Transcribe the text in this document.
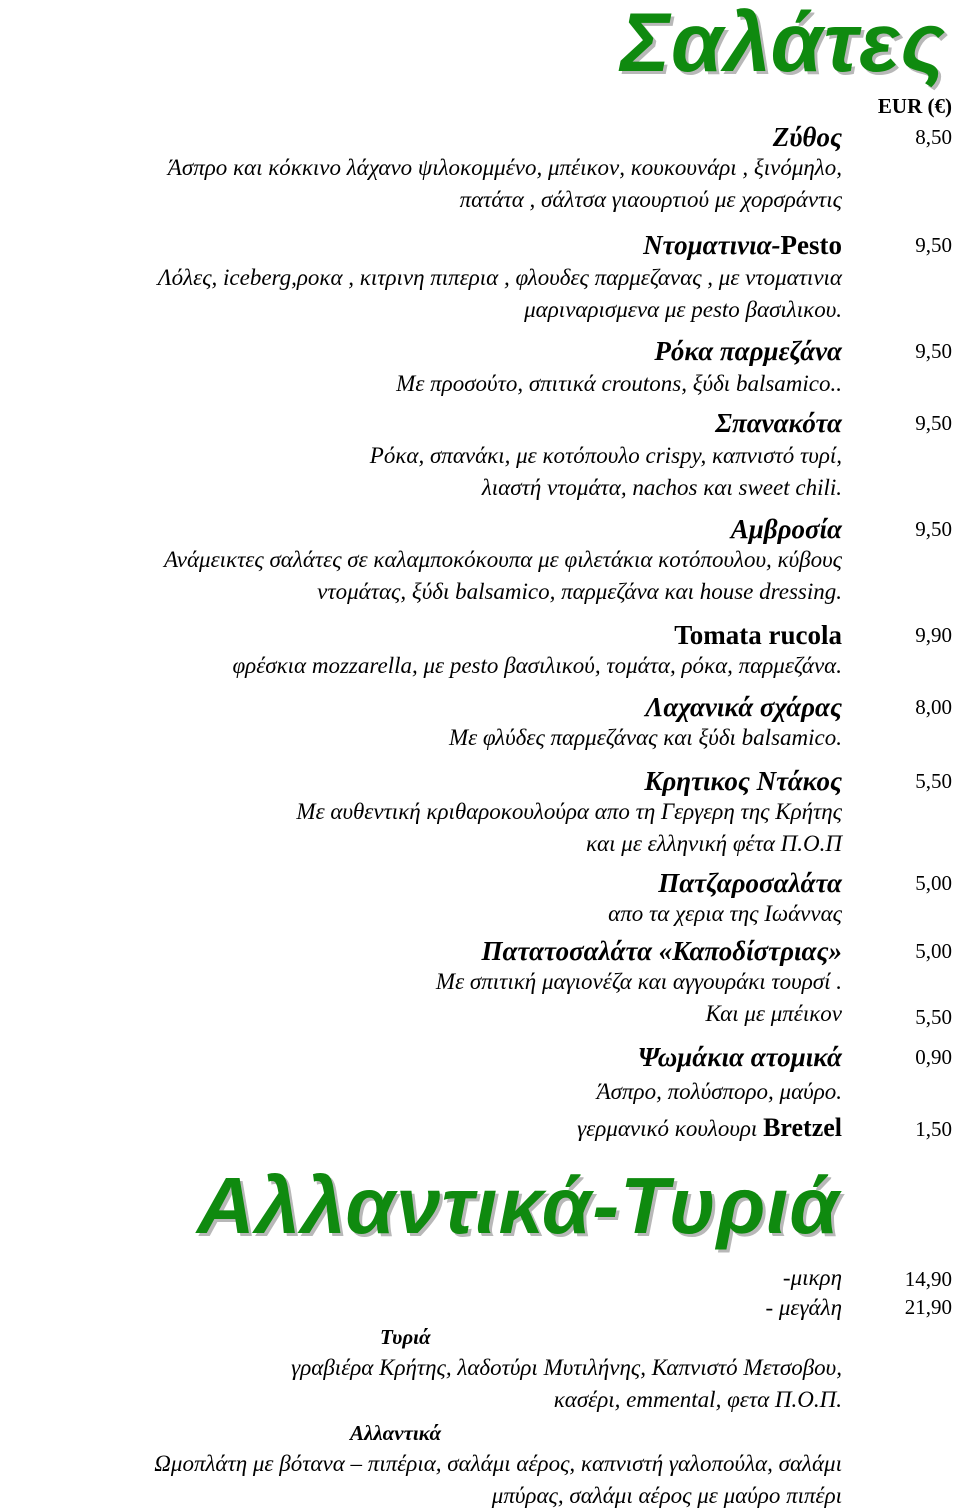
Σαλάτες
EUR (€)
Ζύθος	8,50
Άσπρο και κόκκινο λάχανο ψιλοκομμένο, μπέικον, κουκουνάρι , ξινόμηλο,
πατάτα , σάλτσα γιαουρτιού με χορσράντις
Ντοματινια-Pesto	9,50
Λόλες, iceberg,ροκα , κιτρινη πιπερια , φλουδες παρμεζανας , με ντοματινια
μαριναρισμενα με pesto βασιλικου.
Ρόκα παρμεζάνα	9,50
Με προσούτο, σπιτικά croutons, ξύδι balsamico..
Σπανακότα	9,50
Ρόκα, σπανάκι, με κοτόπουλο crispy, καπνιστό τυρί,
λιαστή ντομάτα, nachos και sweet chili.
Αμβροσία	9,50
Ανάμεικτες σαλάτες σε καλαμποκόκουπα με φιλετάκια κοτόπουλου, κύβους
ντομάτας, ξύδι balsamico, παρμεζάνα και house dressing.
Tomata rucola	9,90
φρέσκια mozzarella, με pesto βασιλικού, τομάτα, ρόκα, παρμεζάνα.
Λαχανικά σχάρας	8,00
Με φλύδες παρμεζάνας και ξύδι balsamico.
Κρητικος Ντάκος	5,50
Με αυθεντική κριθαροκουλούρα απο τη Γεργερη της Κρήτης
και με ελληνική φέτα Π.Ο.Π
Πατζαροσαλάτα	5,00
απο τα χερια της Ιωάννας
Πατατοσαλάτα «Καποδίστριας»	5,00
Με σπιτική μαγιονέζα και αγγουράκι τουρσί .
Και με μπέικον	5,50
Ψωμάκια ατομικά	0,90
Άσπρο, πολύσπορο, μαύρο.
γερμανικό κουλουρι Bretzel	1,50
Αλλαντικά-Τυριά
-μικρη	14,90
- μεγάλη	21,90
Τυριά
γραβιέρα Κρήτης, λαδοτύρι Μυτιλήνης, Καπνιστό Μετσοβου,
κασέρι, emmental, φετα Π.Ο.Π.
Αλλαντικά
Ωμοπλάτη με βότανα – πιπέρια, σαλάμι αέρος, καπνιστή γαλοπούλα, σαλάμι
μπύρας, σαλάμι αέρος με μαύρο πιπέρι
